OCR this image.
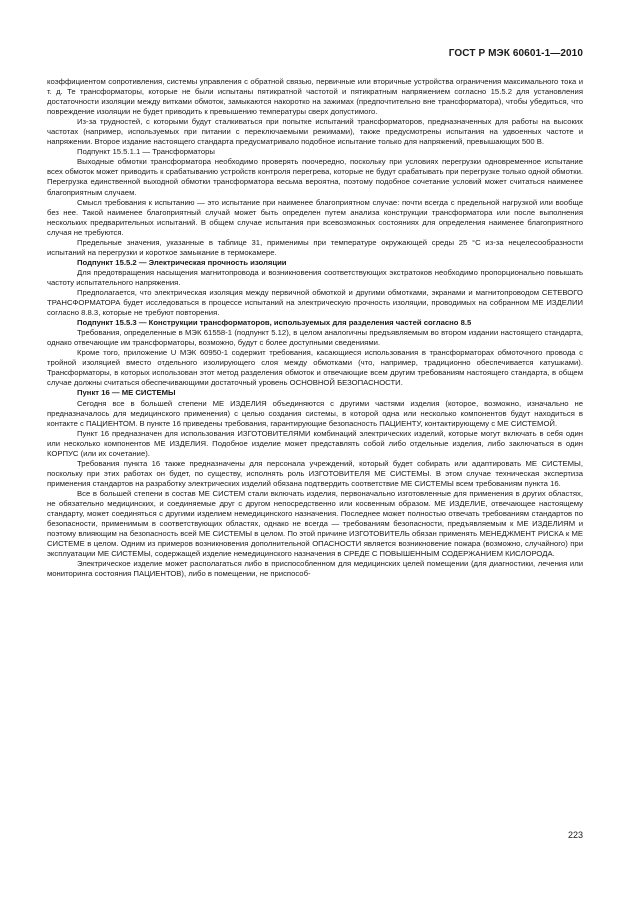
ГОСТ Р МЭК 60601-1—2010

коэффициентом сопротивления, системы управления с обратной связью, первичные или вторичные устройства ограничения максимального тока и т. д. Те трансформаторы, которые не были испытаны пятикратной частотой и пятикратным напряжением согласно 15.5.2 для установления достаточности изоляции между витками обмоток, замыкаются накоротко на зажимах (предпочтительно вне трансформатора), чтобы убедиться, что повреждение изоляции не будет приводить к превышению температуры сверх допустимого.

Из-за трудностей, с которыми будут сталкиваться при попытке испытаний трансформаторов, предназначенных для работы на высоких частотах (например, используемых при питании с переключаемыми режимами), также предусмотрены испытания на удвоенных частоте и напряжении. Второе издание настоящего стандарта предусматривало подобное испытание только для напряжений, превышающих 500 В.

Подпункт 15.5.1.1 — Трансформаторы

Выходные обмотки трансформатора необходимо проверять поочередно, поскольку при условиях перегрузки одновременное испытание всех обмоток может приводить к срабатыванию устройств контроля перегрева, которые не будут срабатывать при перегрузке только одной обмотки. Перегрузка единственной выходной обмотки трансформатора весьма вероятна, поэтому подобное сочетание условий может считаться наименее благоприятным случаем.

Смысл требования к испытанию — это испытание при наименее благоприятном случае: почти всегда с предельной нагрузкой или вообще без нее. Такой наименее благоприятный случай может быть определен путем анализа конструкции трансформатора или после выполнения нескольких предварительных испытаний. В общем случае испытания при всевозможных состояниях для определения наименее благоприятного случая не требуются.

Предельные значения, указанные в таблице 31, применимы при температуре окружающей среды 25 °С из-за нецелесообразности испытаний на перегрузки и короткое замыкание в термокамере.

Подпункт 15.5.2 — Электрическая прочность изоляции

Для предотвращения насыщения магнитопровода и возникновения соответствующих экстратоков необходимо пропорционально повышать частоту испытательного напряжения.

Предполагается, что электрическая изоляция между первичной обмоткой и другими обмотками, экранами и магнитопроводом СЕТЕВОГО ТРАНСФОРМАТОРА будет исследоваться в процессе испытаний на электрическую прочность изоляции, проводимых на собранном МЕ ИЗДЕЛИИ согласно 8.8.3, которые не требуют повторения.

Подпункт 15.5.3 — Конструкции трансформаторов, используемых для разделения частей согласно 8.5

Требования, определенные в МЭК 61558-1 (подпункт 5.12), в целом аналогичны предъявляемым во втором издании настоящего стандарта, однако отвечающие им трансформаторы, возможно, будут с более доступными сведениями.

Кроме того, приложение U МЭК 60950-1 содержит требования, касающиеся использования в трансформаторах обмоточного провода с тройной изоляцией вместо отдельного изолирующего слоя между обмотками (что, например, традиционно обеспечивается катушками). Трансформаторы, в которых использован этот метод разделения обмоток и отвечающие всем другим требованиям настоящего стандарта, в общем случае должны считаться обеспечивающими достаточный уровень ОСНОВНОЙ БЕЗОПАСНОСТИ.

Пункт 16 — МЕ СИСТЕМЫ

Сегодня все в большей степени МЕ ИЗДЕЛИЯ объединяются с другими частями изделия (которое, возможно, изначально не предназначалось для медицинского применения) с целью создания системы, в которой одна или несколько компонентов будут находиться в контакте с ПАЦИЕНТОМ. В пункте 16 приведены требования, гарантирующие безопасность ПАЦИЕНТУ, контактирующему с МЕ СИСТЕМОЙ.

Пункт 16 предназначен для использования ИЗГОТОВИТЕЛЯМИ комбинаций электрических изделий, которые могут включать в себя один или несколько компонентов МЕ ИЗДЕЛИЯ. Подобное изделие может представлять собой либо отдельные изделия, либо заключаться в один КОРПУС (или их сочетание).

Требования пункта 16 также предназначены для персонала учреждений, который будет собирать или адаптировать МЕ СИСТЕМЫ, поскольку при этих работах он будет, по существу, исполнять роль ИЗГОТОВИТЕЛЯ МЕ СИСТЕМЫ. В этом случае техническая экспертиза применения стандартов на разработку электрических изделий обязана подтвердить соответствие МЕ СИСТЕМЫ всем требованиям пункта 16.

Все в большей степени в состав МЕ СИСТЕМ стали включать изделия, первоначально изготовленные для применения в других областях, не обязательно медицинских, и соединяемые друг с другом непосредственно или косвенным образом. МЕ ИЗДЕЛИЕ, отвечающее настоящему стандарту, может соединяться с другими изделием немедицинского назначения. Последнее может полностью отвечать требованиям стандартов по безопасности, применимым в соответствующих областях, однако не всегда — требованиям безопасности, предъявляемым к МЕ ИЗДЕЛИЯМ и поэтому влияющим на безопасность всей МЕ СИСТЕМЫ в целом. По этой причине ИЗГОТОВИТЕЛЬ обязан применять МЕНЕДЖМЕНТ РИСКА к МЕ СИСТЕМЕ в целом. Одним из примеров возникновения дополнительной ОПАСНОСТИ является возникновение пожара (возможно, случайного) при эксплуатации МЕ СИСТЕМЫ, содержащей изделие немедицинского назначения в СРЕДЕ С ПОВЫШЕННЫМ СОДЕРЖАНИЕМ КИСЛОРОДА.

Электрическое изделие может располагаться либо в приспособленном для медицинских целей помещении (для диагностики, лечения или мониторинга состояния ПАЦИЕНТОВ), либо в помещении, не приспособ-

223
